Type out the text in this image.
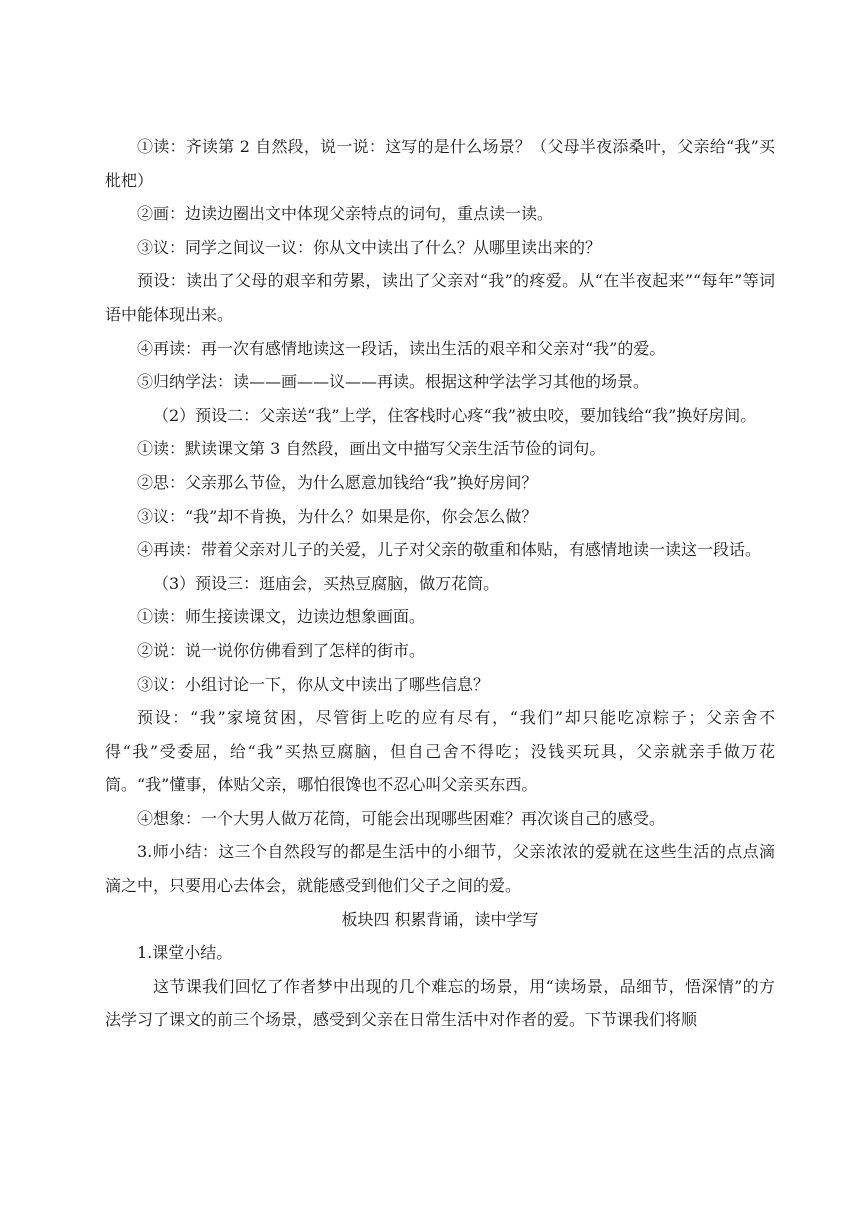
①读：齐读第 2 自然段，说一说：这写的是什么场景？（父母半夜添桑叶，父亲给“我”买枇杷）

②画：边读边圈出文中体现父亲特点的词句，重点读一读。

③议：同学之间议一议：你从文中读出了什么？从哪里读出来的？

预设：读出了父母的艰辛和劳累，读出了父亲对“我”的疼爱。从“在半夜起来”“每年”等词语中能体现出来。

④再读：再一次有感情地读这一段话，读出生活的艰辛和父亲对“我”的爱。

⑤归纳学法：读——画——议——再读。根据这种学法学习其他的场景。

（2）预设二：父亲送“我”上学，住客栈时心疼“我”被虫咬，要加钱给“我”换好房间。

①读：默读课文第 3 自然段，画出文中描写父亲生活节俭的词句。

②思：父亲那么节俭，为什么愿意加钱给“我”换好房间？

③议：“我”却不肯换，为什么？如果是你，你会怎么做？

④再读：带着父亲对儿子的关爱，儿子对父亲的敬重和体贴，有感情地读一读这一段话。

（3）预设三：逛庙会，买热豆腐脑，做万花筒。

①读：师生接读课文，边读边想象画面。

②说：说一说你仿佛看到了怎样的街市。

③议：小组讨论一下，你从文中读出了哪些信息？

预设：“我”家境贫困，尽管街上吃的应有尽有，“我们”却只能吃凉粽子；父亲舍不得“我”受委屈，给“我”买热豆腐脑，但自己舍不得吃；没钱买玩具，父亲就亲手做万花筒。“我”懂事，体贴父亲，哪怕很馋也不忍心叫父亲买东西。

④想象：一个大男人做万花筒，可能会出现哪些困难？再次谈自己的感受。

3.师小结：这三个自然段写的都是生活中的小细节，父亲浓浓的爱就在这些生活的点点滴滴之中，只要用心去体会，就能感受到他们父子之间的爱。

板块四 积累背诵，读中学写

1.课堂小结。

这节课我们回忆了作者梦中出现的几个难忘的场景，用“读场景，品细节，悟深情”的方法学习了课文的前三个场景，感受到父亲在日常生活中对作者的爱。下节课我们将顺
